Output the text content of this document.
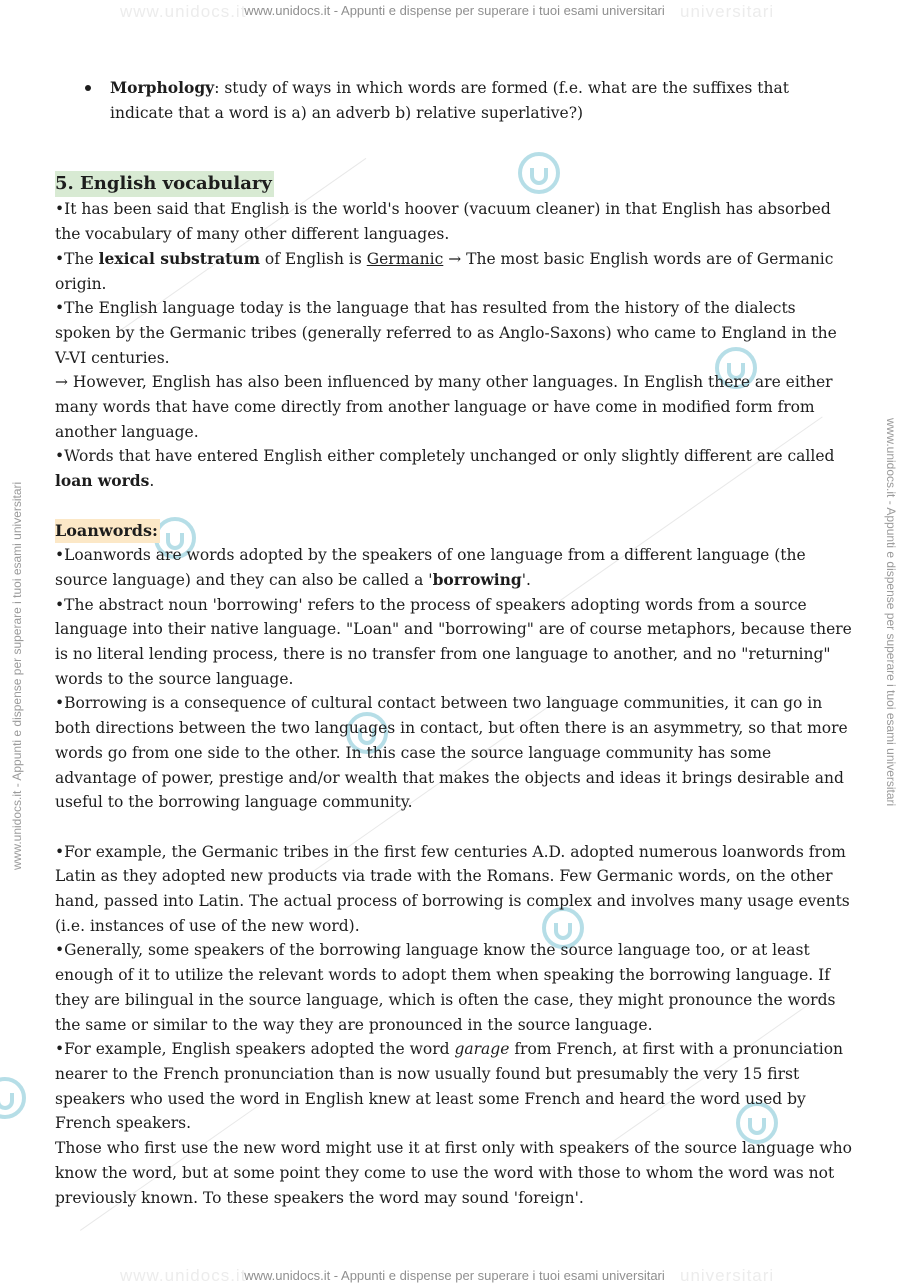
www.unidocs.it	universitari
www.unidocs.it - Appunti e dispense per superare i tuoi esami universitari
www.unidocs.it	universitari
www.unidocs.it - Appunti e dispense per superare i tuoi esami universitari
www.unidocs.it - Appunti e dispense per superare i tuoi esami universitari	www.unidocs.it - Appunti e dispense per superare i tuoi esami universitari
Morphology: study of ways in which words are formed (f.e. what are the suffixes that indicate that a word is a) an adverb b) relative superlative?)
5. English vocabulary

•It has been said that English is the world's hoover (vacuum cleaner) in that English has absorbed the vocabulary of many other different languages.

•The lexical substratum of English is Germanic → The most basic English words are of Germanic origin.

•The English language today is the language that has resulted from the history of the dialects spoken by the Germanic tribes (generally referred to as Anglo-Saxons) who came to England in the V-VI centuries.

→ However, English has also been influenced by many other languages. In English there are either many words that have come directly from another language or have come in modified form from another language.

•Words that have entered English either completely unchanged or only slightly different are called loan words.

Loanwords:

•Loanwords are words adopted by the speakers of one language from a different language (the source language) and they can also be called a 'borrowing'.

•The abstract noun 'borrowing' refers to the process of speakers adopting words from a source language into their native language. "Loan" and "borrowing" are of course metaphors, because there is no literal lending process, there is no transfer from one language to another, and no "returning" words to the source language.

•Borrowing is a consequence of cultural contact between two language communities, it can go in both directions between the two languages in contact, but often there is an asymmetry, so that more words go from one side to the other. In this case the source language community has some advantage of power, prestige and/or wealth that makes the objects and ideas it brings desirable and useful to the borrowing language community.

•For example, the Germanic tribes in the first few centuries A.D. adopted numerous loanwords from Latin as they adopted new products via trade with the Romans. Few Germanic words, on the other hand, passed into Latin. The actual process of borrowing is complex and involves many usage events (i.e. instances of use of the new word).

•Generally, some speakers of the borrowing language know the source language too, or at least enough of it to utilize the relevant words to adopt them when speaking the borrowing language. If they are bilingual in the source language, which is often the case, they might pronounce the words the same or similar to the way they are pronounced in the source language.

•For example, English speakers adopted the word garage from French, at first with a pronunciation nearer to the French pronunciation than is now usually found but presumably the very 15 first speakers who used the word in English knew at least some French and heard the word used by French speakers.

Those who first use the new word might use it at first only with speakers of the source language who know the word, but at some point they come to use the word with those to whom the word was not previously known. To these speakers the word may sound 'foreign'.
